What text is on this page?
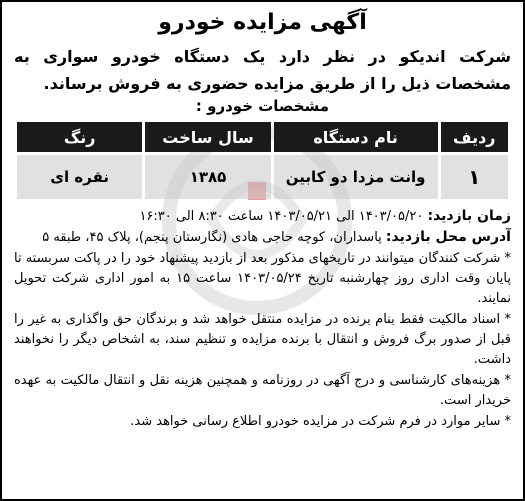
آگهی مزایده خودرو

شرکت اندیکو در نظر دارد یک دستگاه خودرو سواری به مشخصات ذیل را از طریق مزایده حضوری به فروش برساند.

مشخصات خودرو :
ردیف	نام دستگاه	سال ساخت	رنگ
۱	وانت مزدا دو کابین	۱۳۸۵	نقره ای

زمان بازدید: ۱۴۰۳/۰۵/۲۰ الی ۱۴۰۳/۰۵/۲۱ ساعت ۸:۳۰ الی ۱۶:۳۰

آدرس محل بازدید: پاسداران، کوچه حاجی هادی (نگارستان پنجم)، پلاک ۴۵، طبقه ۵

* شرکت کنندگان میتوانند در تاریخهای مذکور بعد از بازدید پیشنهاد خود را در پاکت سربسته تا پایان وقت اداری روز چهارشنبه تاریخ ۱۴۰۳/۰۵/۲۴ ساعت ۱۵ به امور اداری شرکت تحویل نمایند.

* اسناد مالکیت فقط بنام برنده در مزایده منتقل خواهد شد و برندگان حق واگذاری به غیر را قبل از صدور برگ فروش و انتقال با برنده مزایده و تنظیم سند، به اشخاص دیگر را نخواهند داشت.

* هزینه‌های کارشناسی و درج آگهی در روزنامه و همچنین هزینه نقل و انتقال مالکیت به عهده خریدار است.

* سایر موارد در فرم شرکت در مزایده خودرو اطلاع رسانی خواهد شد.
